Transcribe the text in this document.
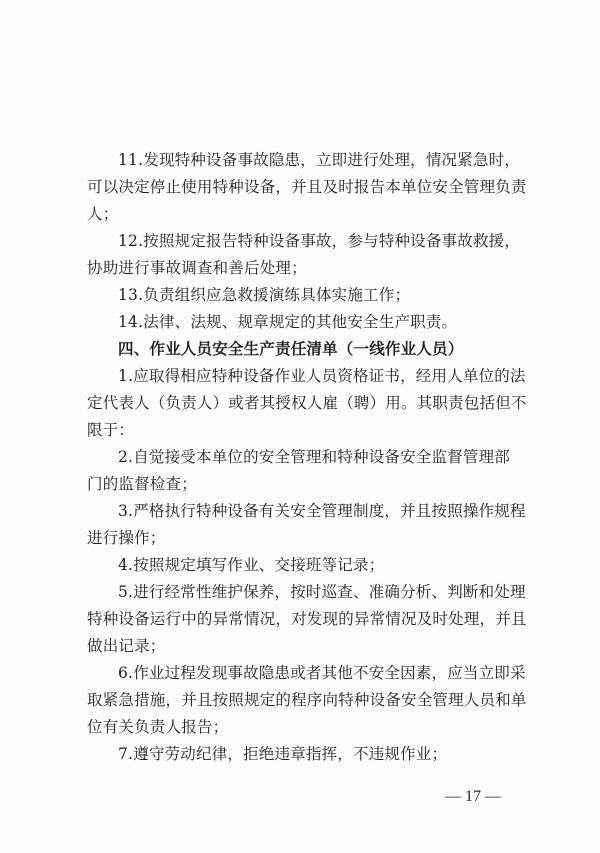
11.发现特种设备事故隐患，立即进行处理，情况紧急时，
可以决定停止使用特种设备，并且及时报告本单位安全管理负责
人；
12.按照规定报告特种设备事故，参与特种设备事故救援，
协助进行事故调查和善后处理；
13.负责组织应急救援演练具体实施工作；
14.法律、法规、规章规定的其他安全生产职责。
四、作业人员安全生产责任清单（一线作业人员）
1.应取得相应特种设备作业人员资格证书，经用人单位的法
定代表人（负责人）或者其授权人雇（聘）用。其职责包括但不
限于：
2.自觉接受本单位的安全管理和特种设备安全监督管理部
门的监督检查；
3.严格执行特种设备有关安全管理制度，并且按照操作规程
进行操作；
4.按照规定填写作业、交接班等记录；
5.进行经常性维护保养，按时巡查、准确分析、判断和处理
特种设备运行中的异常情况，对发现的异常情况及时处理，并且
做出记录；
6.作业过程发现事故隐患或者其他不安全因素，应当立即采
取紧急措施，并且按照规定的程序向特种设备安全管理人员和单
位有关负责人报告；
7.遵守劳动纪律，拒绝违章指挥，不违规作业；
— 17 —
